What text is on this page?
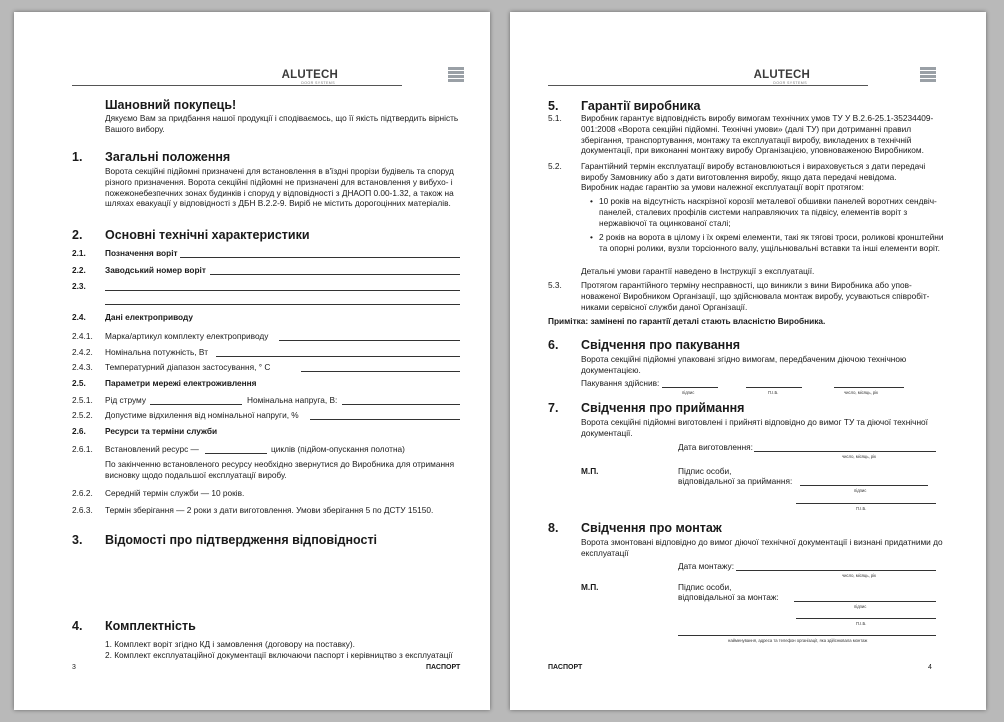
ALUTECH
DOOR SYSTEMS
Шановний покупець!
Дякуємо Вам за придбання нашої продукції і сподіваємось, що її якість підтвердить вірність Вашого вибору.
1. Загальні положення
Ворота секційні підйомні призначені для встановлення в в'їздні прорізи будівель та споруд різного призначення. Ворота секційні підйомні не призначені для встановлення у вибухо- і пожежонебезпечних зонах будинків і споруд у відповідності з ДНАОП 0.00-1.32, а також на шляхах евакуації у відповідності з ДБН В.2.2-9. Виріб не містить дорогоцінних матеріалів.
2. Основні технічні характеристики
2.1. Позначення воріт
2.2. Заводський номер воріт
2.3.
2.4. Дані електроприводу
2.4.1. Марка/артикул комплекту електроприводу
2.4.2. Номінальна потужність, Вт
2.4.3. Температурний діапазон застосування, ° С
2.5. Параметри мережі електроживлення
2.5.1. Рід струму	Номінальна напруга, В:
2.5.2. Допустиме відхилення від номінальної напруги, %
2.6. Ресурси та терміни служби
2.6.1. Встановлений ресурс —	циклів (підйом-опускання полотна)
По закінченню встановленого ресурсу необхідно звернутися до Виробника для отримання висновку щодо подальшої експлуатації виробу.
2.6.2. Середній термін служби — 10 років.
2.6.3. Термін зберігання — 2 роки з дати виготовлення. Умови зберігання 5 по ДСТУ 15150.
3. Відомості про підтвердження відповідності
4. Комплектність
1. Комплект воріт згідно КД і замовлення (договору на поставку).
2. Комплект експлуатаційної документації включаючи паспорт і керівництво з експлуатації
3	ПАСПОРТ
ALUTECH
DOOR SYSTEMS
5. Гарантії виробника
5.1. Виробник гарантує відповідність виробу вимогам технічних умов ТУ У В.2.6-25.1-35234409-001:2008 «Ворота секційні підйомні. Технічні умови» (далі ТУ) при дотриманні правил зберігання, транспортування, монтажу та експлуатації виробу, викладених в технічній документації, при виконанні монтажу виробу Організацією, уповноваженою Виробником.
5.2. Гарантійний термін експлуатації виробу встановлюються і вираховується з дати передачі виробу Замовнику або з дати виготовлення виробу, якщо дата передачі невідома.
Виробник надає гарантію за умови належної експлуатації воріт протягом:
• 10 років на відсутність наскрізної корозії металевої обшивки панелей воротних сендвіч-панелей, сталевих профілів системи направляючих та підвісу, елементів воріт з нержавіючої та оцинкованої сталі;
• 2 років на ворота в цілому і їх окремі елементи, такі як тягові троси, роликові кронштейни та опорні ролики, вузли торсіонного валу, ущільнювальні вставки та інші елементи воріт.
Детальні умови гарантії наведено в Інструкції з експлуатації.
5.3. Протягом гарантійного терміну несправності, що виникли з вини Виробника або упов- новаженої Виробником Організації, що здійснювала монтаж виробу, усуваються співробіт- никами сервісної служби даної Організації.
Примітка: замінені по гарантії деталі стають власністю Виробника.
6. Свідчення про пакування
Ворота секційні підйомні упаковані згідно вимогам, передбаченим діючою технічною документацією.
Пакування здійснив:
підпис	П.І.Б.	число, місяць, рік
7. Свідчення про приймання
Ворота секційні підйомні виготовлені і прийняті відповідно до вимог ТУ та діючої технічної документації.
Дата виготовлення:
число, місяць, рік
М.П.	Підпис особи,
відповідальної за приймання:
підпис
П.І.Б.
8. Свідчення про монтаж
Ворота змонтовані відповідно до вимог діючої технічної документації і визнані придатними до експлуатації
Дата монтажу:
число, місяць, рік
М.П.	Підпис особи,
відповідальної за монтаж:
підпис
П.І.Б.
найменування, адреса та телефон організації, яка здійснювала монтаж
ПАСПОРТ	4
